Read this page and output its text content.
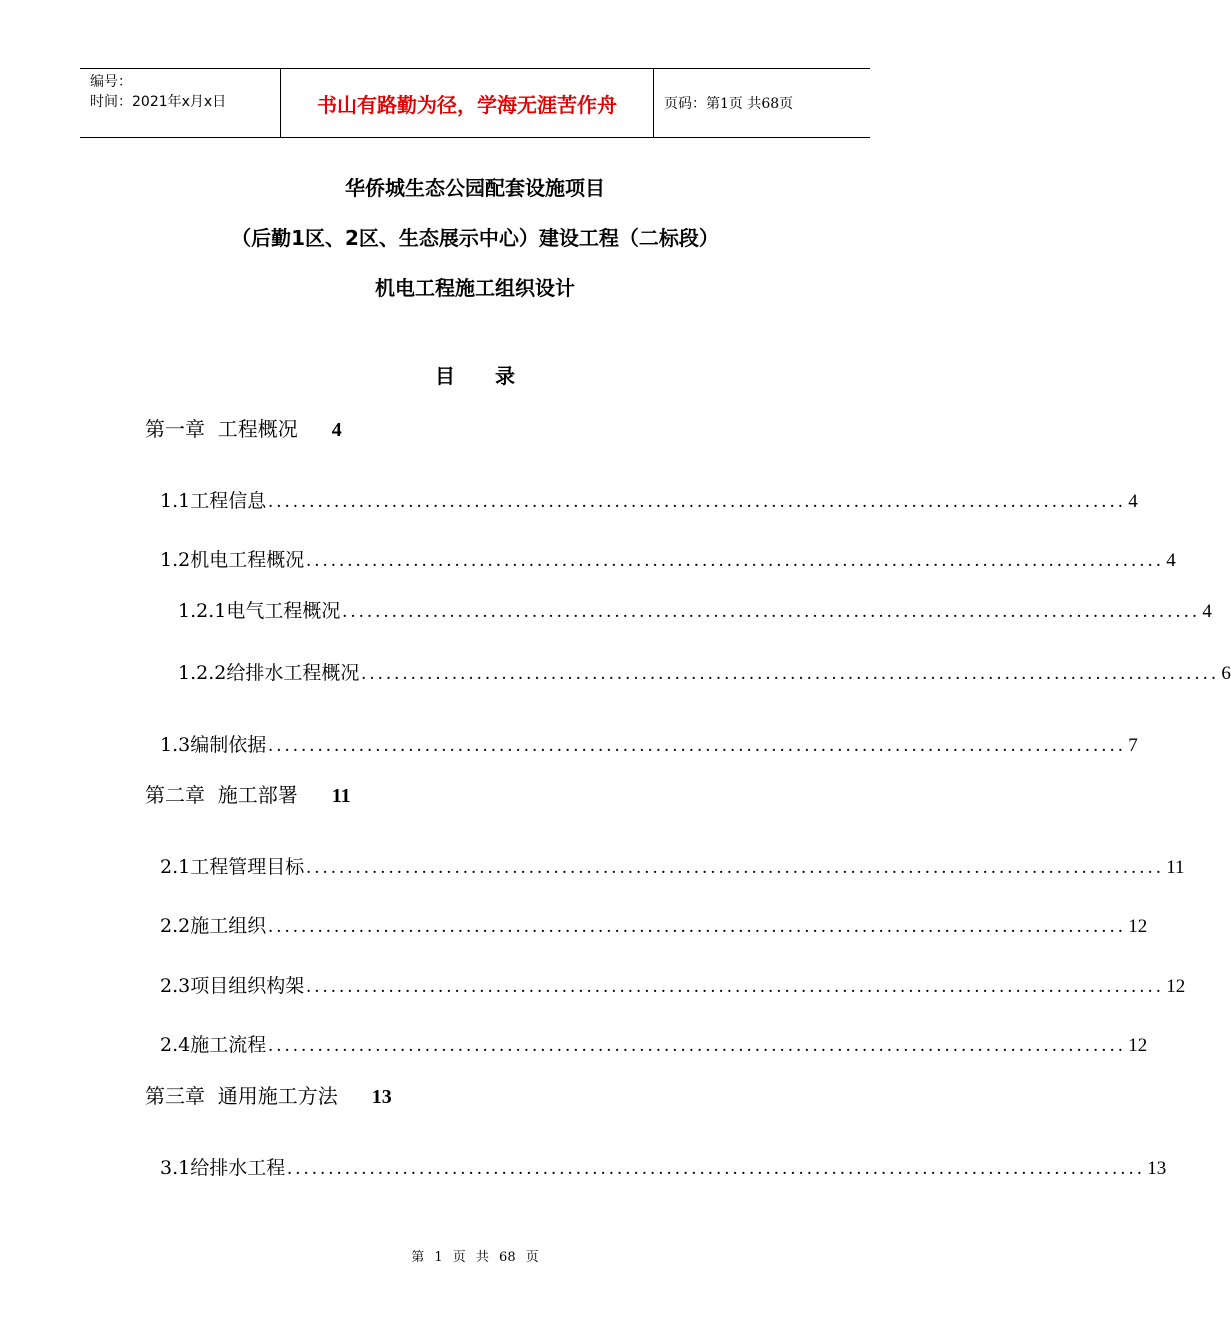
编号：
时间：2021年x月x日	书山有路勤为径，学海无涯苦作舟	页码：第1页 共68页
华侨城生态公园配套设施项目
（后勤1区、2区、生态展示中心）建设工程（二标段）
机电工程施工组织设计
目录
第一章  工程概况 4
1.1工程信息 ........................................................................................................ 4
1.2机电工程概况 ........................................................................................................ 4
1.2.1电气工程概况 ........................................................................................................ 4
1.2.2给排水工程概况 ........................................................................................................ 6
1.3编制依据 ........................................................................................................ 7
第二章  施工部署 11
2.1工程管理目标 ........................................................................................................ 11
2.2施工组织 ........................................................................................................ 12
2.3项目组织构架 ........................................................................................................ 12
2.4施工流程 ........................................................................................................ 12
第三章  通用施工方法 13
3.1给排水工程 ........................................................................................................ 13
第 1 页 共 68 页
